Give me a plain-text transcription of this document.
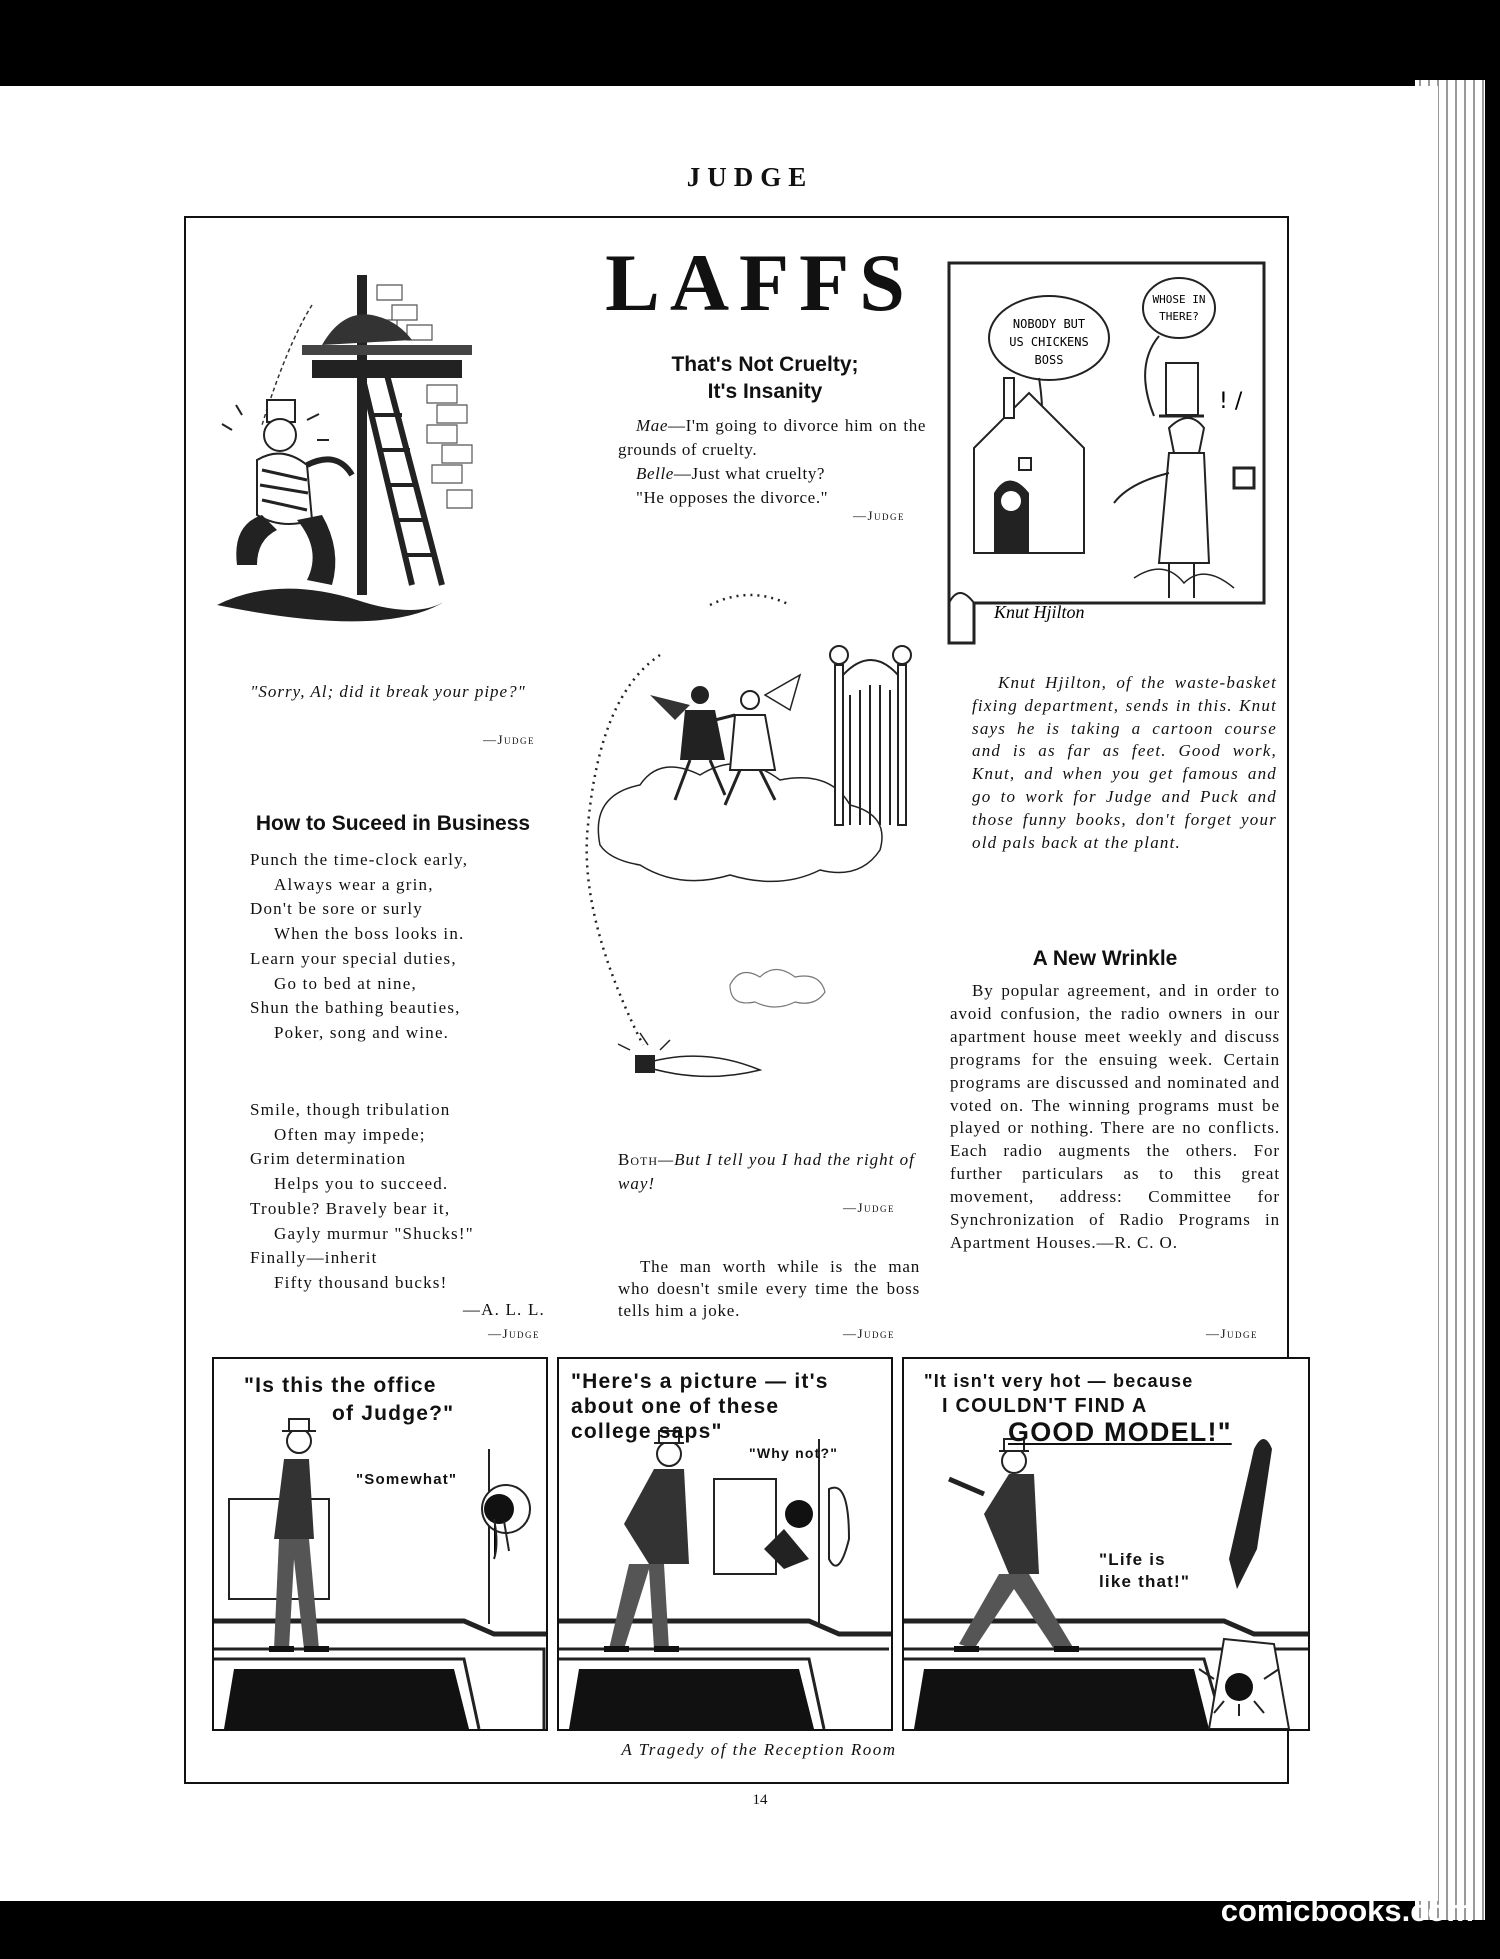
JUDGE
LAFFS
"Sorry, Al; did it break your pipe?"
—Judge
That's Not Cruelty;
It's Insanity
Mae—I'm going to divorce him on the grounds of cruelty.
Belle—Just what cruelty?
"He opposes the divorce."
—Judge
NOBODY BUT
US CHICKENS
BOSS
WHOSE IN
THERE?
! /
Knut Hjilton
Knut Hjilton, of the waste-basket fixing department, sends in this. Knut says he is taking a cartoon course and is as far as feet. Good work, Knut, and when you get famous and go to work for Judge and Puck and those funny books, don't forget your old pals back at the plant.
Both—But I tell you I had the right of way!
—Judge
How to Suceed in Business
Punch the time-clock early,
Always wear a grin,
Don't be sore or surly
When the boss looks in.
Learn your special duties,
Go to bed at nine,
Shun the bathing beauties,
Poker, song and wine.
Smile, though tribulation
Often may impede;
Grim determination
Helps you to succeed.
Trouble? Bravely bear it,
Gayly murmur "Shucks!"
Finally—inherit
Fifty thousand bucks!
—A. L. L.
—Judge
The man worth while is the man who doesn't smile every time the boss tells him a joke.
—Judge
A New Wrinkle
By popular agreement, and in order to avoid confusion, the radio owners in our apartment house meet weekly and discuss programs for the ensuing week. Certain programs are discussed and nominated and voted on. The winning programs must be played or nothing. There are no conflicts. Each radio augments the others. For further particulars as to this great movement, address: Committee for Synchronization of Radio Programs in Apartment Houses.—R. C. O.
—Judge
"Is this the office
of Judge?"
"Somewhat"
"Here's a picture — it's
about one of these
college saps"
"Why not?"
"It isn't very hot — because
I COULDN'T FIND A
GOOD MODEL!"
"Life is
like that!"
A Tragedy of the Reception Room
14
comicbooks.com
